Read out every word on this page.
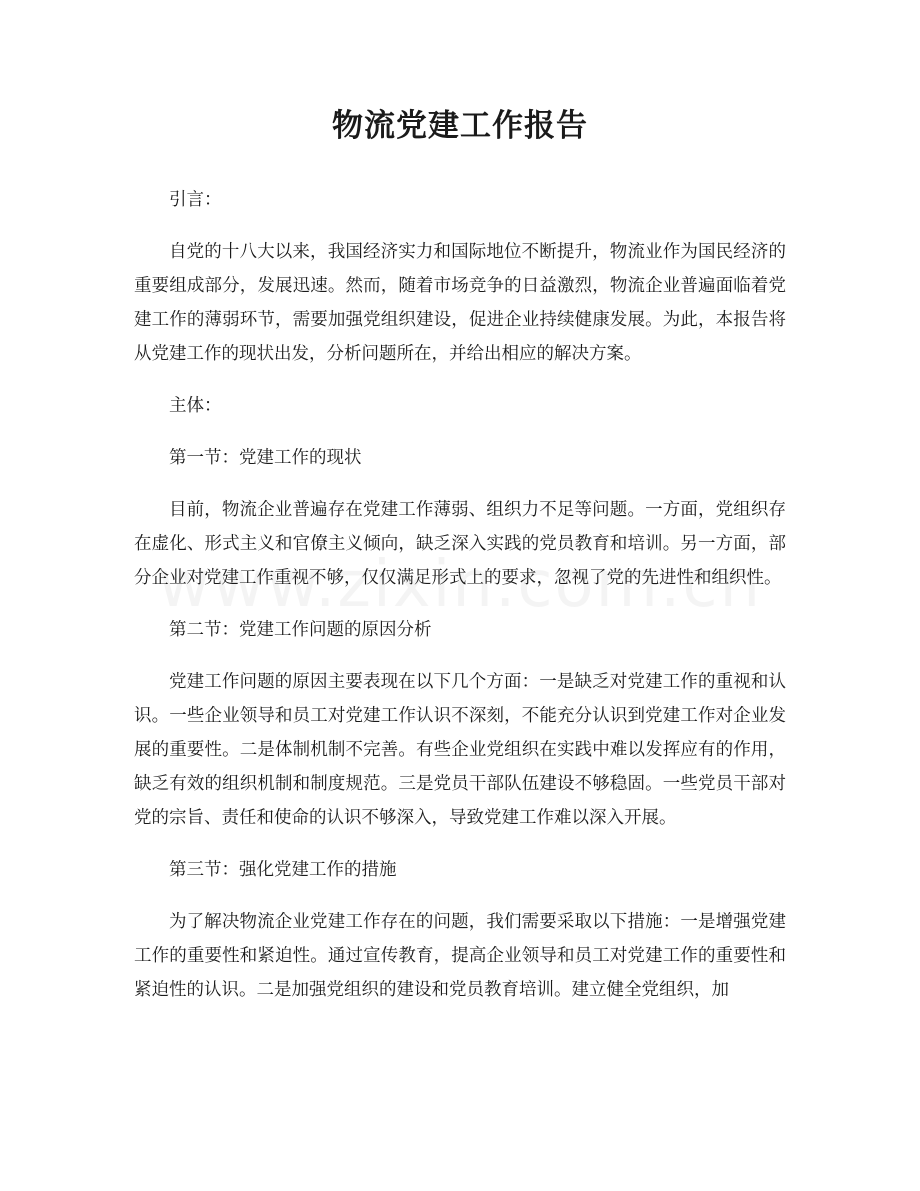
物流党建工作报告

引言：

自党的十八大以来，我国经济实力和国际地位不断提升，物流业作为国民经济的重要组成部分，发展迅速。然而，随着市场竞争的日益激烈，物流企业普遍面临着党建工作的薄弱环节，需要加强党组织建设，促进企业持续健康发展。为此，本报告将从党建工作的现状出发，分析问题所在，并给出相应的解决方案。

主体：

第一节：党建工作的现状

目前，物流企业普遍存在党建工作薄弱、组织力不足等问题。一方面，党组织存在虚化、形式主义和官僚主义倾向，缺乏深入实践的党员教育和培训。另一方面，部分企业对党建工作重视不够，仅仅满足形式上的要求，忽视了党的先进性和组织性。

第二节：党建工作问题的原因分析

党建工作问题的原因主要表现在以下几个方面：一是缺乏对党建工作的重视和认识。一些企业领导和员工对党建工作认识不深刻，不能充分认识到党建工作对企业发展的重要性。二是体制机制不完善。有些企业党组织在实践中难以发挥应有的作用，缺乏有效的组织机制和制度规范。三是党员干部队伍建设不够稳固。一些党员干部对党的宗旨、责任和使命的认识不够深入，导致党建工作难以深入开展。

第三节：强化党建工作的措施

为了解决物流企业党建工作存在的问题，我们需要采取以下措施：一是增强党建工作的重要性和紧迫性。通过宣传教育，提高企业领导和员工对党建工作的重要性和紧迫性的认识。二是加强党组织的建设和党员教育培训。建立健全党组织，加
